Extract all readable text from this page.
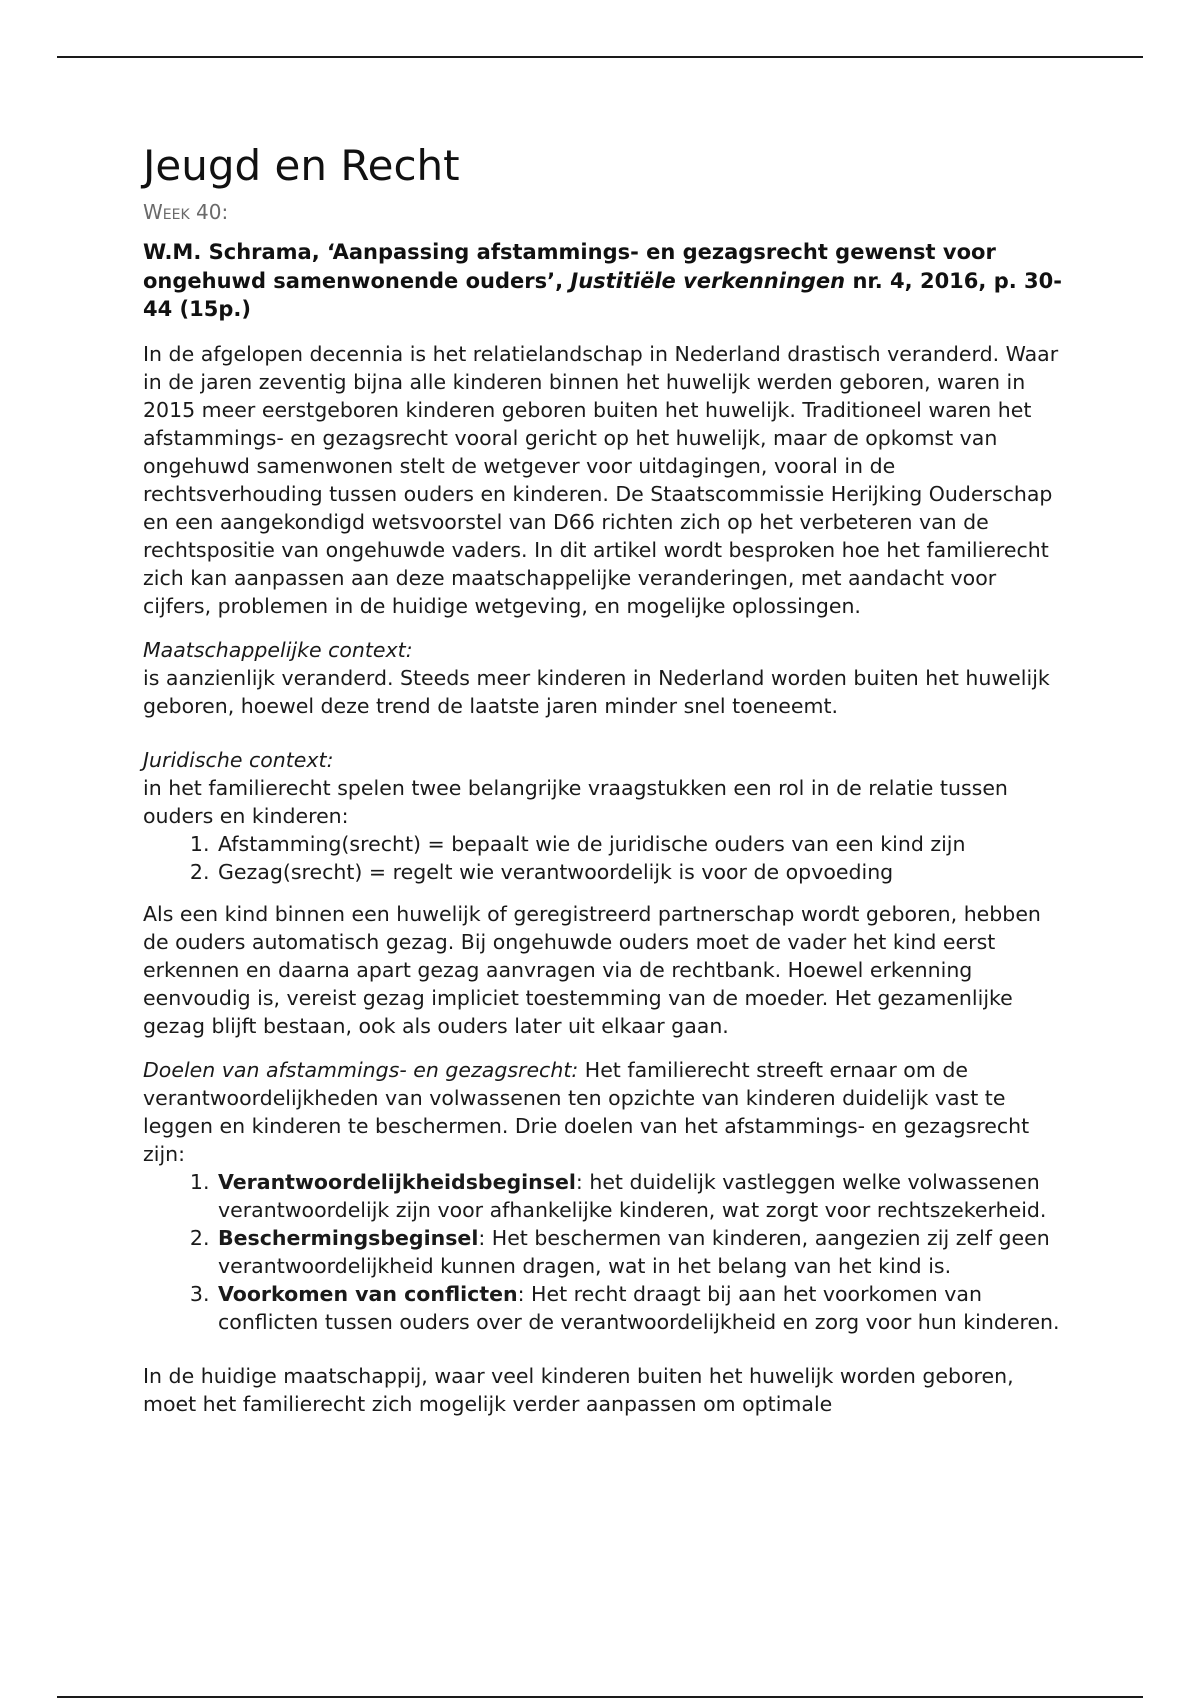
Jeugd en Recht
Week 40:
W.M. Schrama, ‘Aanpassing afstammings- en gezagsrecht gewenst voor ongehuwd samenwonende ouders’, Justitiële verkenningen nr. 4, 2016, p. 30-44 (15p.)

In de afgelopen decennia is het relatielandschap in Nederland drastisch veranderd. Waar in de jaren zeventig bijna alle kinderen binnen het huwelijk werden geboren, waren in 2015 meer eerstgeboren kinderen geboren buiten het huwelijk. Traditioneel waren het afstammings- en gezagsrecht vooral gericht op het huwelijk, maar de opkomst van ongehuwd samenwonen stelt de wetgever voor uitdagingen, vooral in de rechtsverhouding tussen ouders en kinderen. De Staatscommissie Herijking Ouderschap en een aangekondigd wetsvoorstel van D66 richten zich op het verbeteren van de rechtspositie van ongehuwde vaders. In dit artikel wordt besproken hoe het familierecht zich kan aanpassen aan deze maatschappelijke veranderingen, met aandacht voor cijfers, problemen in de huidige wetgeving, en mogelijke oplossingen.

Maatschappelijke context:

is aanzienlijk veranderd. Steeds meer kinderen in Nederland worden buiten het huwelijk geboren, hoewel deze trend de laatste jaren minder snel toeneemt.

Juridische context:

in het familierecht spelen twee belangrijke vraagstukken een rol in de relatie tussen ouders en kinderen:

1. Afstamming(srecht) = bepaalt wie de juridische ouders van een kind zijn
2. Gezag(srecht) = regelt wie verantwoordelijk is voor de opvoeding

Als een kind binnen een huwelijk of geregistreerd partnerschap wordt geboren, hebben de ouders automatisch gezag. Bij ongehuwde ouders moet de vader het kind eerst erkennen en daarna apart gezag aanvragen via de rechtbank. Hoewel erkenning eenvoudig is, vereist gezag impliciet toestemming van de moeder. Het gezamenlijke gezag blijft bestaan, ook als ouders later uit elkaar gaan.

Doelen van afstammings- en gezagsrecht: Het familierecht streeft ernaar om de verantwoordelijkheden van volwassenen ten opzichte van kinderen duidelijk vast te leggen en kinderen te beschermen. Drie doelen van het afstammings- en gezagsrecht zijn:

1. Verantwoordelijkheidsbeginsel: het duidelijk vastleggen welke volwassenen verantwoordelijk zijn voor afhankelijke kinderen, wat zorgt voor rechtszekerheid.
2. Beschermingsbeginsel: Het beschermen van kinderen, aangezien zij zelf geen verantwoordelijkheid kunnen dragen, wat in het belang van het kind is.
3. Voorkomen van conflicten: Het recht draagt bij aan het voorkomen van conflicten tussen ouders over de verantwoordelijkheid en zorg voor hun kinderen.

In de huidige maatschappij, waar veel kinderen buiten het huwelijk worden geboren, moet het familierecht zich mogelijk verder aanpassen om optimale
